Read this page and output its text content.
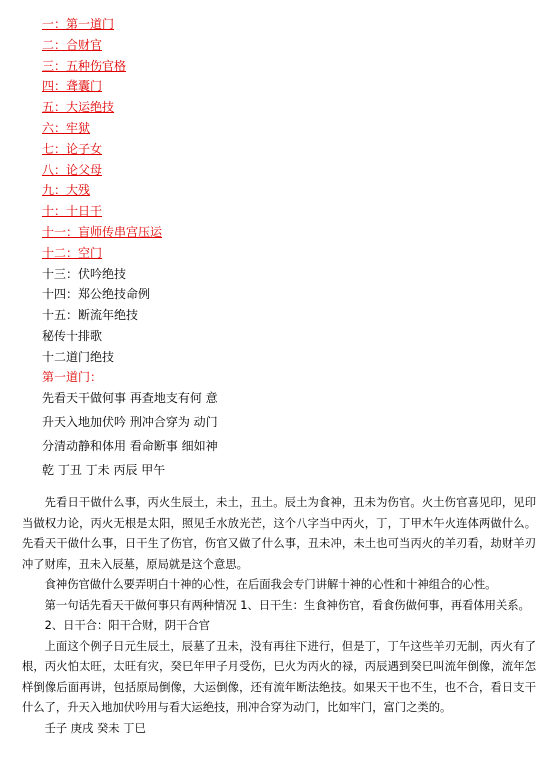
一：第一道门
二：合财官
三：五种伤官格
四：聋囊门
五：大运绝技
六：牢狱
七：论子女
八：论父母
九：大残
十：十日干
十一：盲师传串宫压运
十二：空门
十三：伏吟绝技
十四：郑公绝技命例
十五：断流年绝技
秘传十排歌
十二道门绝技
第一道门：
先看天干做何事 再查地支有何 意
升天入地加伏吟 刑冲合穿为 动门
分清动静和体用 看命断事 细如神
乾 丁丑 丁未 丙辰 甲午

先看日干做什么事，丙火生辰土，未土，丑土。辰土为食神，丑未为伤官。火土伤官喜见印，见印当做权力论，丙火无根是太阳，照见壬水放光芒，这个八字当中丙火，丁，丁甲木午火连体两做什么。先看天干做什么事，日干生了伤官，伤官又做了什么事，丑未冲，未土也可当丙火的羊刃看，劫财羊刃冲了财库，丑未入辰墓，原局就是这个意思。

食神伤官做什么要弄明白十神的心性，在后面我会专门讲解十神的心性和十神组合的心性。

第一句话先看天干做何事只有两种情况 1、日干生：生食神伤官，看食伤做何事，再看体用关系。

2、日干合：阳干合财，阴干合官

上面这个例子日元生辰土，辰墓了丑未，没有再往下进行，但是丁，丁午这些羊刃无制，丙火有了根，丙火怕太旺，太旺有灾，癸巳年甲子月受伤，巳火为丙火的禄，丙辰遇到癸巳叫流年倒像，流年怎样倒像后面再讲，包括原局倒像，大运倒像，还有流年断法绝技。如果天干也不生，也不合，看日支干什么了，升天入地加伏吟用与看大运绝技，刑冲合穿为动门，比如牢门，富门之类的。

壬子 庚戌 癸未 丁巳
